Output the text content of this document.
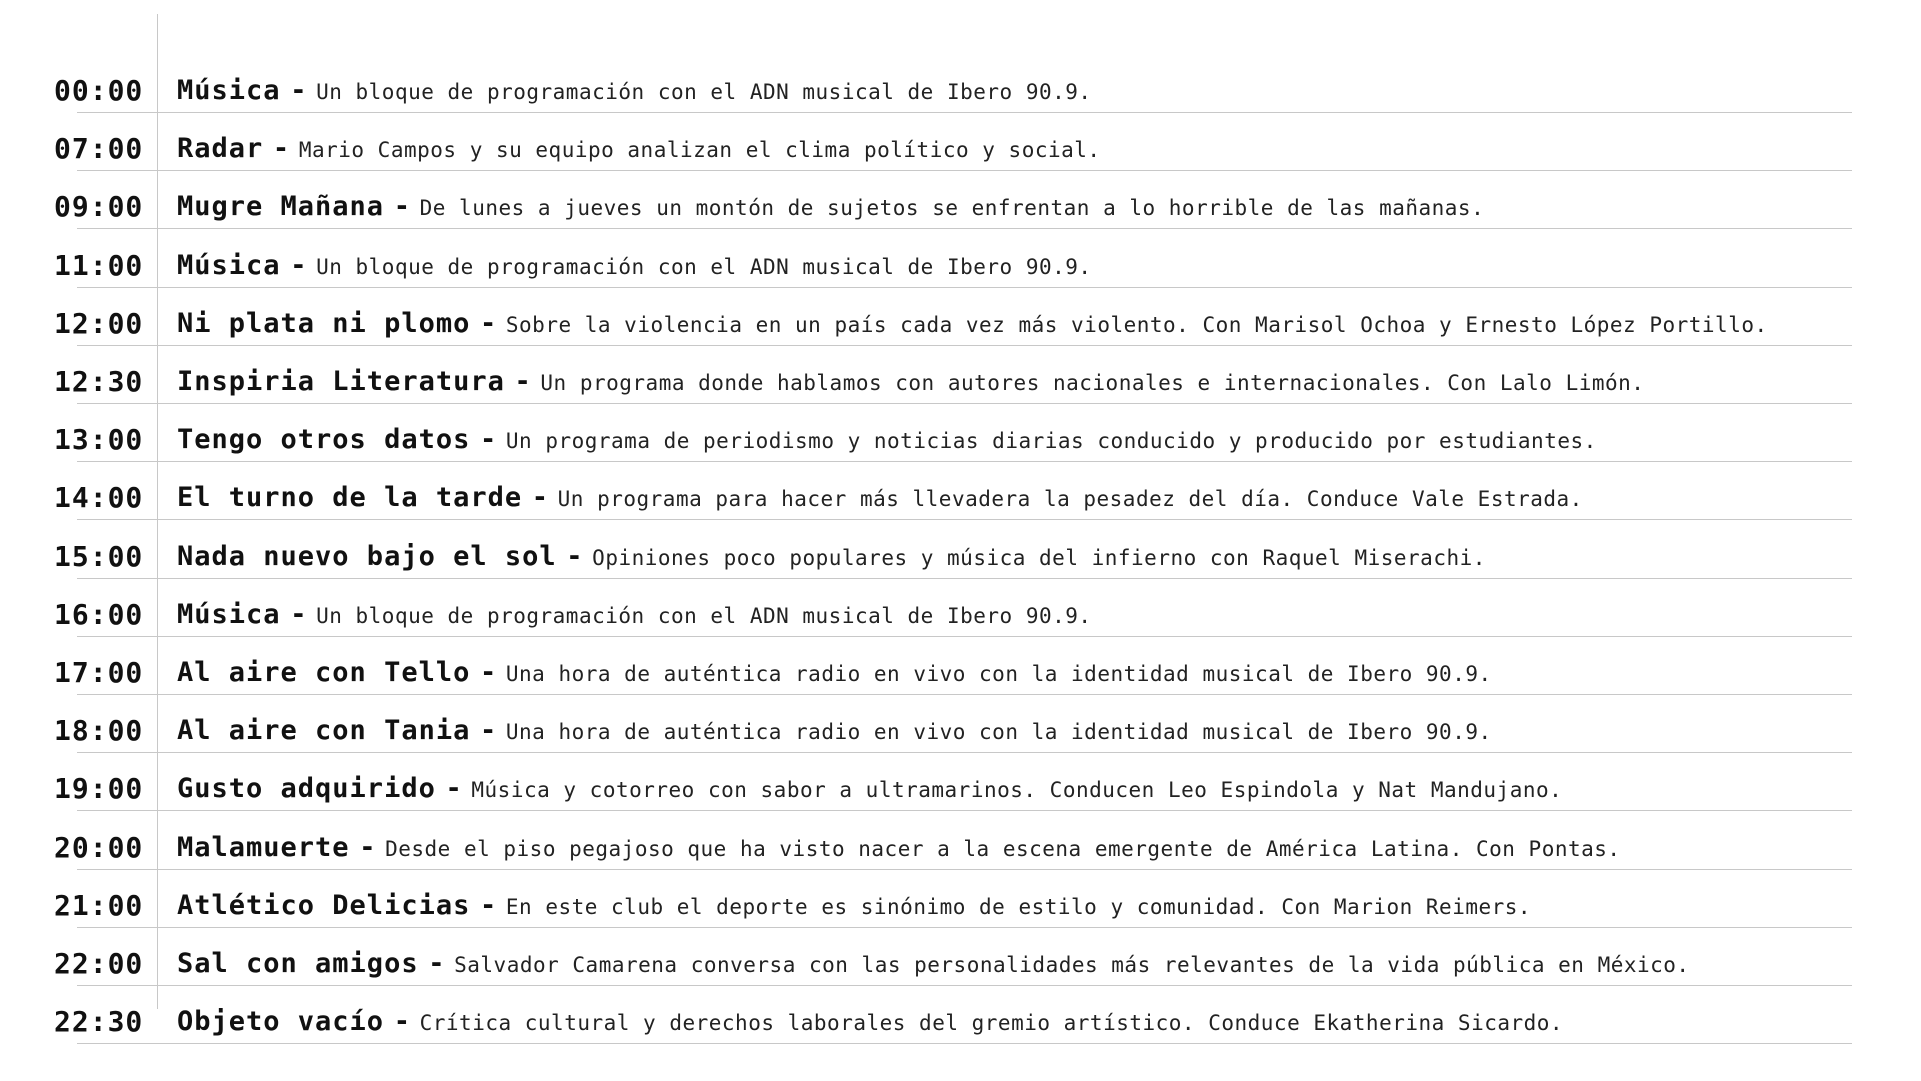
00:00 Música - Un bloque de programación con el ADN musical de Ibero 90.9.
07:00 Radar - Mario Campos y su equipo analizan el clima político y social.
09:00 Mugre Mañana - De lunes a jueves un montón de sujetos se enfrentan a lo horrible de las mañanas.
11:00 Música - Un bloque de programación con el ADN musical de Ibero 90.9.
12:00 Ni plata ni plomo - Sobre la violencia en un país cada vez más violento. Con Marisol Ochoa y Ernesto López Portillo.
12:30 Inspiria Literatura - Un programa donde hablamos con autores nacionales e internacionales. Con Lalo Limón.
13:00 Tengo otros datos - Un programa de periodismo y noticias diarias conducido y producido por estudiantes.
14:00 El turno de la tarde - Un programa para hacer más llevadera la pesadez del día. Conduce Vale Estrada.
15:00 Nada nuevo bajo el sol - Opiniones poco populares y música del infierno con Raquel Miserachi.
16:00 Música - Un bloque de programación con el ADN musical de Ibero 90.9.
17:00 Al aire con Tello - Una hora de auténtica radio en vivo con la identidad musical de Ibero 90.9.
18:00 Al aire con Tania - Una hora de auténtica radio en vivo con la identidad musical de Ibero 90.9.
19:00 Gusto adquirido - Música y cotorreo con sabor a ultramarinos. Conducen Leo Espindola y Nat Mandujano.
20:00 Malamuerte - Desde el piso pegajoso que ha visto nacer a la escena emergente de América Latina. Con Pontas.
21:00 Atlético Delicias - En este club el deporte es sinónimo de estilo y comunidad. Con Marion Reimers.
22:00 Sal con amigos - Salvador Camarena conversa con las personalidades más relevantes de la vida pública en México.
22:30 Objeto vacío - Crítica cultural y derechos laborales del gremio artístico. Conduce Ekatherina Sicardo.
